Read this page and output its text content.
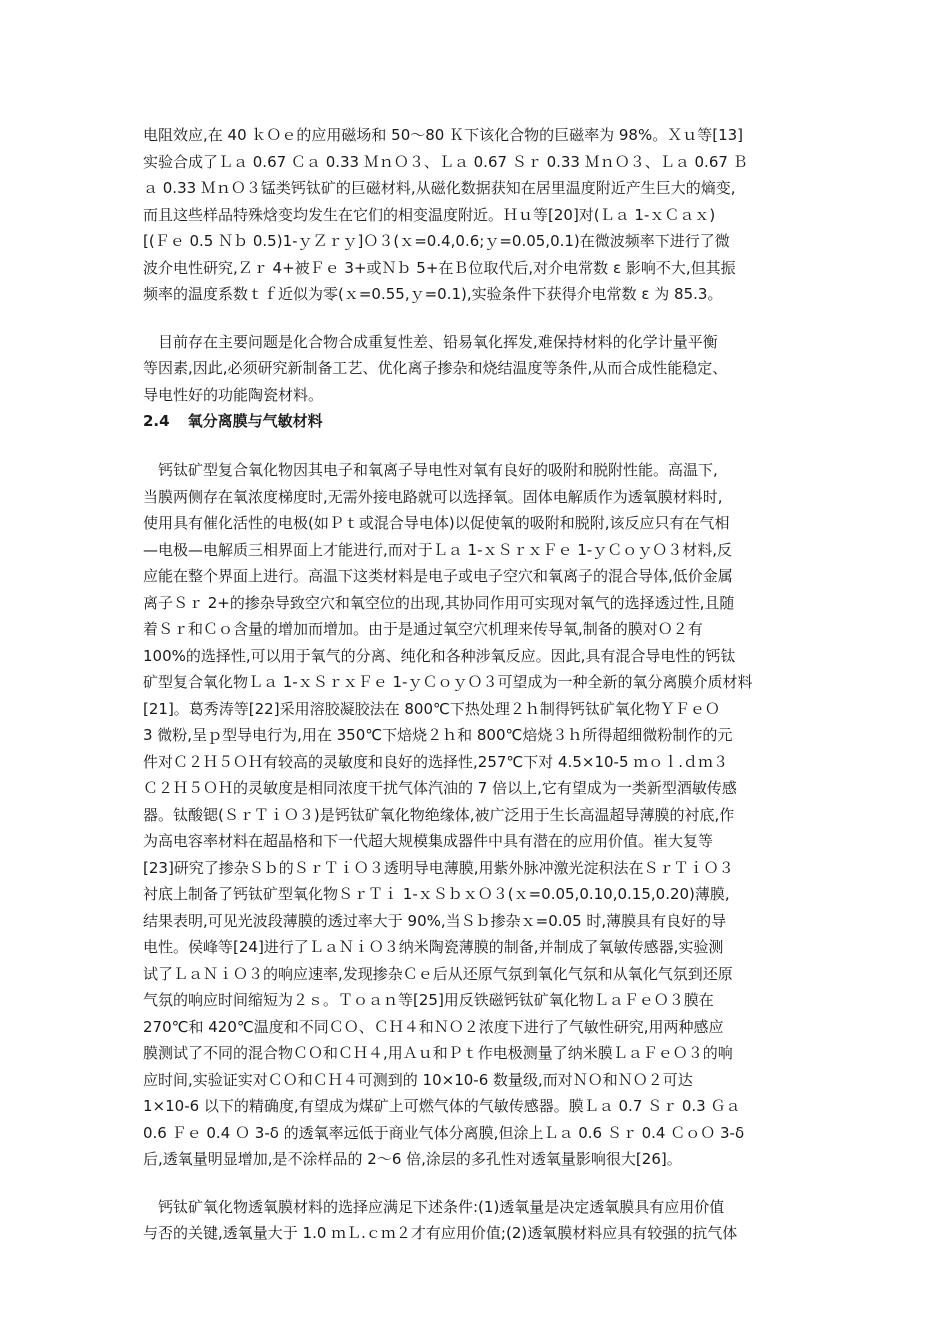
电阻效应,在 40 ｋＯｅ的应用磁场和 50～80 Ｋ下该化合物的巨磁率为 98%。Ｘｕ等[13]
实验合成了Ｌａ 0.67 Ｃａ 0.33 ＭｎＯ３、Ｌａ 0.67 Ｓｒ 0.33 ＭｎＯ３、Ｌａ 0.67 Ｂ
ａ 0.33 ＭｎＯ３锰类钙钛矿的巨磁材料,从磁化数据获知在居里温度附近产生巨大的熵变,
而且这些样品特殊焓变均发生在它们的相变温度附近。Ｈｕ等[20]对(Ｌａ 1-ｘＣａｘ)
[(Ｆｅ 0.5 Ｎｂ 0.5)1-ｙＺｒｙ]Ｏ３(ｘ=0.4,0.6;ｙ=0.05,0.1)在微波频率下进行了微
波介电性研究,Ｚｒ 4+被Ｆｅ 3+或Ｎｂ 5+在Ｂ位取代后,对介电常数 ε 影响不大,但其振
频率的温度系数ｔｆ近似为零(ｘ=0.55,ｙ=0.1),实验条件下获得介电常数 ε 为 85.3。
　目前存在主要问题是化合物合成重复性差、铅易氧化挥发,难保持材料的化学计量平衡
等因素,因此,必须研究新制备工艺、优化离子掺杂和烧结温度等条件,从而合成性能稳定、
导电性好的功能陶瓷材料。
2.4 氧分离膜与气敏材料
　钙钛矿型复合氧化物因其电子和氧离子导电性对氧有良好的吸附和脱附性能。高温下,
当膜两侧存在氧浓度梯度时,无需外接电路就可以选择氧。固体电解质作为透氧膜材料时,
使用具有催化活性的电极(如Ｐｔ或混合导电体)以促使氧的吸附和脱附,该反应只有在气相
—电极—电解质三相界面上才能进行,而对于Ｌａ 1-ｘＳｒｘＦｅ 1-ｙＣｏｙＯ３材料,反
应能在整个界面上进行。高温下这类材料是电子或电子空穴和氧离子的混合导体,低价金属
离子Ｓｒ 2+的掺杂导致空穴和氧空位的出现,其协同作用可实现对氧气的选择透过性,且随
着Ｓｒ和Ｃｏ含量的增加而增加。由于是通过氧空穴机理来传导氧,制备的膜对Ｏ２有
100%的选择性,可以用于氧气的分离、纯化和各种涉氧反应。因此,具有混合导电性的钙钛
矿型复合氧化物Ｌａ 1-ｘＳｒｘＦｅ 1-ｙＣｏｙＯ３可望成为一种全新的氧分离膜介质材料
[21]。葛秀涛等[22]采用溶胶凝胶法在 800℃下热处理２ｈ制得钙钛矿氧化物ＹＦｅＯ
3 微粉,呈ｐ型导电行为,用在 350℃下焙烧２ｈ和 800℃焙烧３ｈ所得超细微粉制作的元
件对Ｃ２Ｈ５ＯＨ有较高的灵敏度和良好的选择性,257℃下对 4.5×10-5 ｍｏｌ.ｄｍ３
Ｃ２Ｈ５ＯＨ的灵敏度是相同浓度干扰气体汽油的 7 倍以上,它有望成为一类新型酒敏传感
器。钛酸锶(ＳｒＴｉＯ３)是钙钛矿氧化物绝缘体,被广泛用于生长高温超导薄膜的衬底,作
为高电容率材料在超晶格和下一代超大规模集成器件中具有潜在的应用价值。崔大复等
[23]研究了掺杂Ｓｂ的ＳｒＴｉＯ３透明导电薄膜,用紫外脉冲激光淀积法在ＳｒＴｉＯ３
衬底上制备了钙钛矿型氧化物ＳｒＴｉ 1-ｘＳｂｘＯ３(ｘ=0.05,0.10,0.15,0.20)薄膜,
结果表明,可见光波段薄膜的透过率大于 90%,当Ｓｂ掺杂ｘ=0.05 时,薄膜具有良好的导
电性。侯峰等[24]进行了ＬａＮｉＯ３纳米陶瓷薄膜的制备,并制成了氧敏传感器,实验测
试了ＬａＮｉＯ３的响应速率,发现掺杂Ｃｅ后从还原气氛到氧化气氛和从氧化气氛到还原
气氛的响应时间缩短为２ｓ。Ｔｏａｎ等[25]用反铁磁钙钛矿氧化物ＬａＦｅＯ３膜在
270℃和 420℃温度和不同ＣＯ、ＣＨ４和ＮＯ２浓度下进行了气敏性研究,用两种感应
膜测试了不同的混合物ＣＯ和ＣＨ４,用Ａｕ和Ｐｔ作电极测量了纳米膜ＬａＦｅＯ３的响
应时间,实验证实对ＣＯ和ＣＨ４可测到的 10×10-6 数量级,而对ＮＯ和ＮＯ２可达
1×10-6 以下的精确度,有望成为煤矿上可燃气体的气敏传感器。膜Ｌａ 0.7 Ｓｒ 0.3 Ｇａ
0.6 Ｆｅ 0.4 Ｏ 3-δ 的透氧率远低于商业气体分离膜,但涂上Ｌａ 0.6 Ｓｒ 0.4 ＣｏＯ 3-δ
后,透氧量明显增加,是不涂样品的 2～6 倍,涂层的多孔性对透氧量影响很大[26]。
　钙钛矿氧化物透氧膜材料的选择应满足下述条件:(1)透氧量是决定透氧膜具有应用价值
与否的关键,透氧量大于 1.0 ｍＬ.ｃｍ２才有应用价值;(2)透氧膜材料应具有较强的抗气体
